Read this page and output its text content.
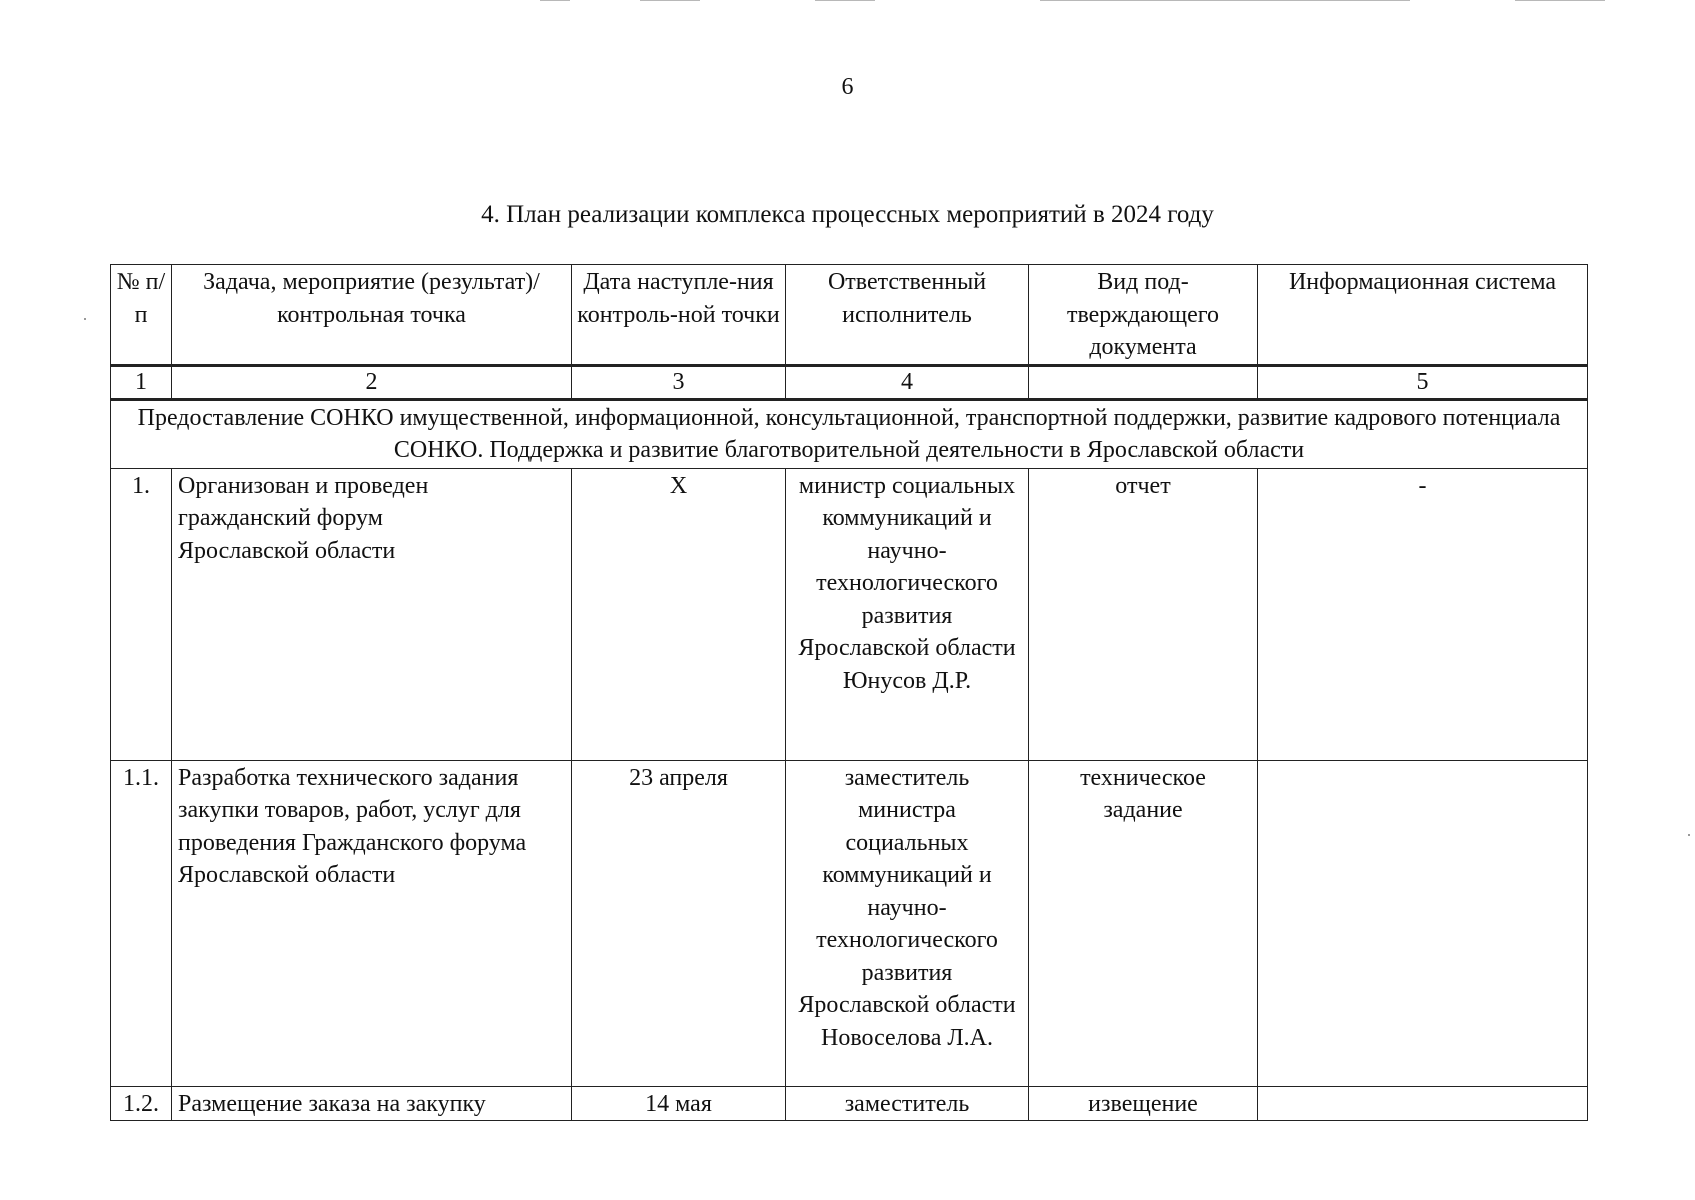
6
4. План реализации комплекса процессных мероприятий в 2024 году
№ п/п	Задача, мероприятие (результат)/ контрольная точка	Дата наступле-ния контроль-ной точки	Ответственный исполнитель	Вид под-тверждающего документа	Информационная система
1	2	3	4		5
Предоставление СОНКО имущественной, информационной, консультационной, транспортной поддержки, развитие кадрового потенциала СОНКО. Поддержка и развитие благотворительной деятельности в Ярославской области					
1.	Организован и проведен гражданский форум Ярославской области	X	министр социальных коммуникаций и научно-технологического развития Ярославской области Юнусов Д.Р.	отчет	-
1.1.	Разработка технического задания закупки товаров, работ, услуг для проведения Гражданского форума Ярославской области	23 апреля	заместитель министра социальных коммуникаций и научно-технологического развития Ярославской области Новоселова Л.А.	техническое задание	

1.2.	Размещение заказа на закупку	14 мая	заместитель	извещение	
